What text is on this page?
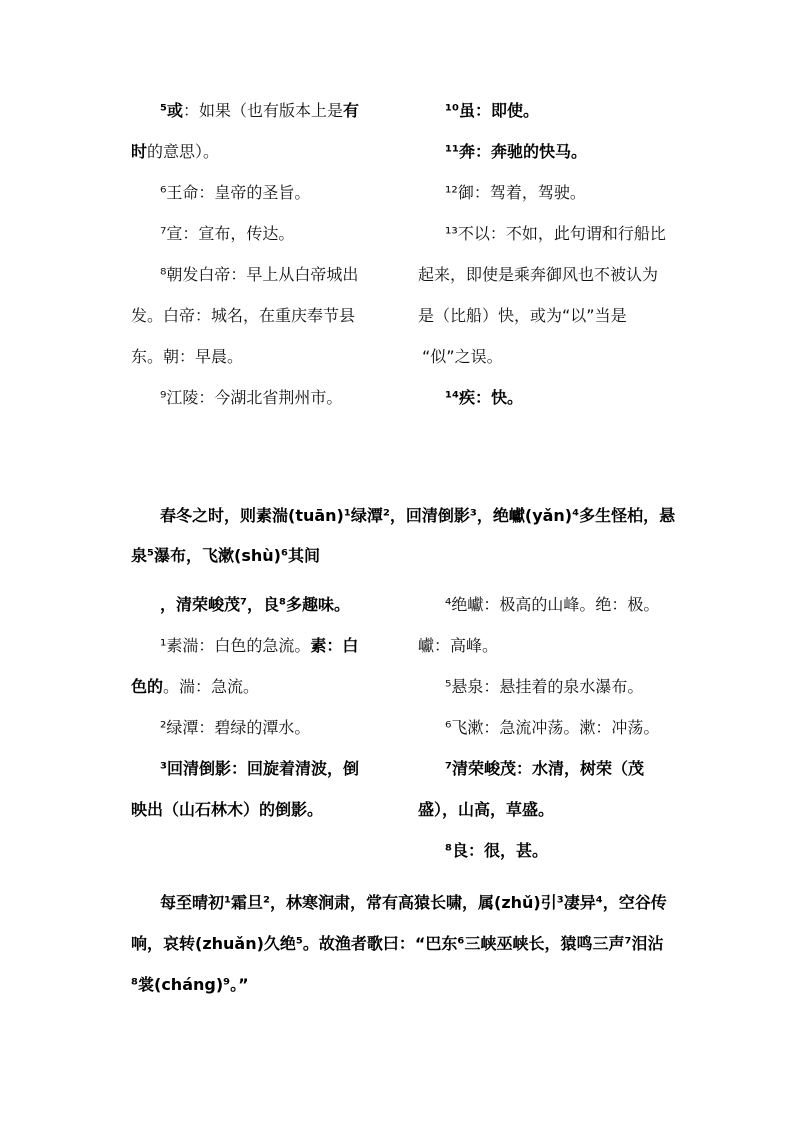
⁵或：如果（也有版本上是有
时的意思）。
⁶王命：皇帝的圣旨。
⁷宣：宣布，传达。
⁸朝发白帝：早上从白帝城出
发。白帝：城名，在重庆奉节县
东。朝：早晨。
⁹江陵：今湖北省荆州市。
¹⁰虽：即使。
¹¹奔：奔驰的快马。
¹²御：驾着，驾驶。
¹³不以：不如，此句谓和行船比
起来，即使是乘奔御风也不被认为
是（比船）快，或为“以”当是
“似”之误。
¹⁴疾：快。
春冬之时，则素湍(tuān)¹绿潭²，回清倒影³，绝巘(yǎn)⁴多生怪柏，悬
泉⁵瀑布，飞漱(shù)⁶其间
，清荣峻茂⁷，良⁸多趣味。
¹素湍：白色的急流。素：白
色的。湍：急流。
²绿潭：碧绿的潭水。
³回清倒影：回旋着清波，倒
映出（山石林木）的倒影。
⁴绝巘：极高的山峰。绝：极。
巘：高峰。
⁵悬泉：悬挂着的泉水瀑布。
⁶飞漱：急流冲荡。漱：冲荡。
⁷清荣峻茂：水清，树荣（茂
盛），山高，草盛。
⁸良：很，甚。
每至晴初¹霜旦²，林寒涧肃，常有高猿长啸，属(zhǔ)引³凄异⁴，空谷传
响，哀转(zhuǎn)久绝⁵。故渔者歌曰：“巴东⁶三峡巫峡长，猿鸣三声⁷泪沾
⁸裳(cháng)⁹。”
